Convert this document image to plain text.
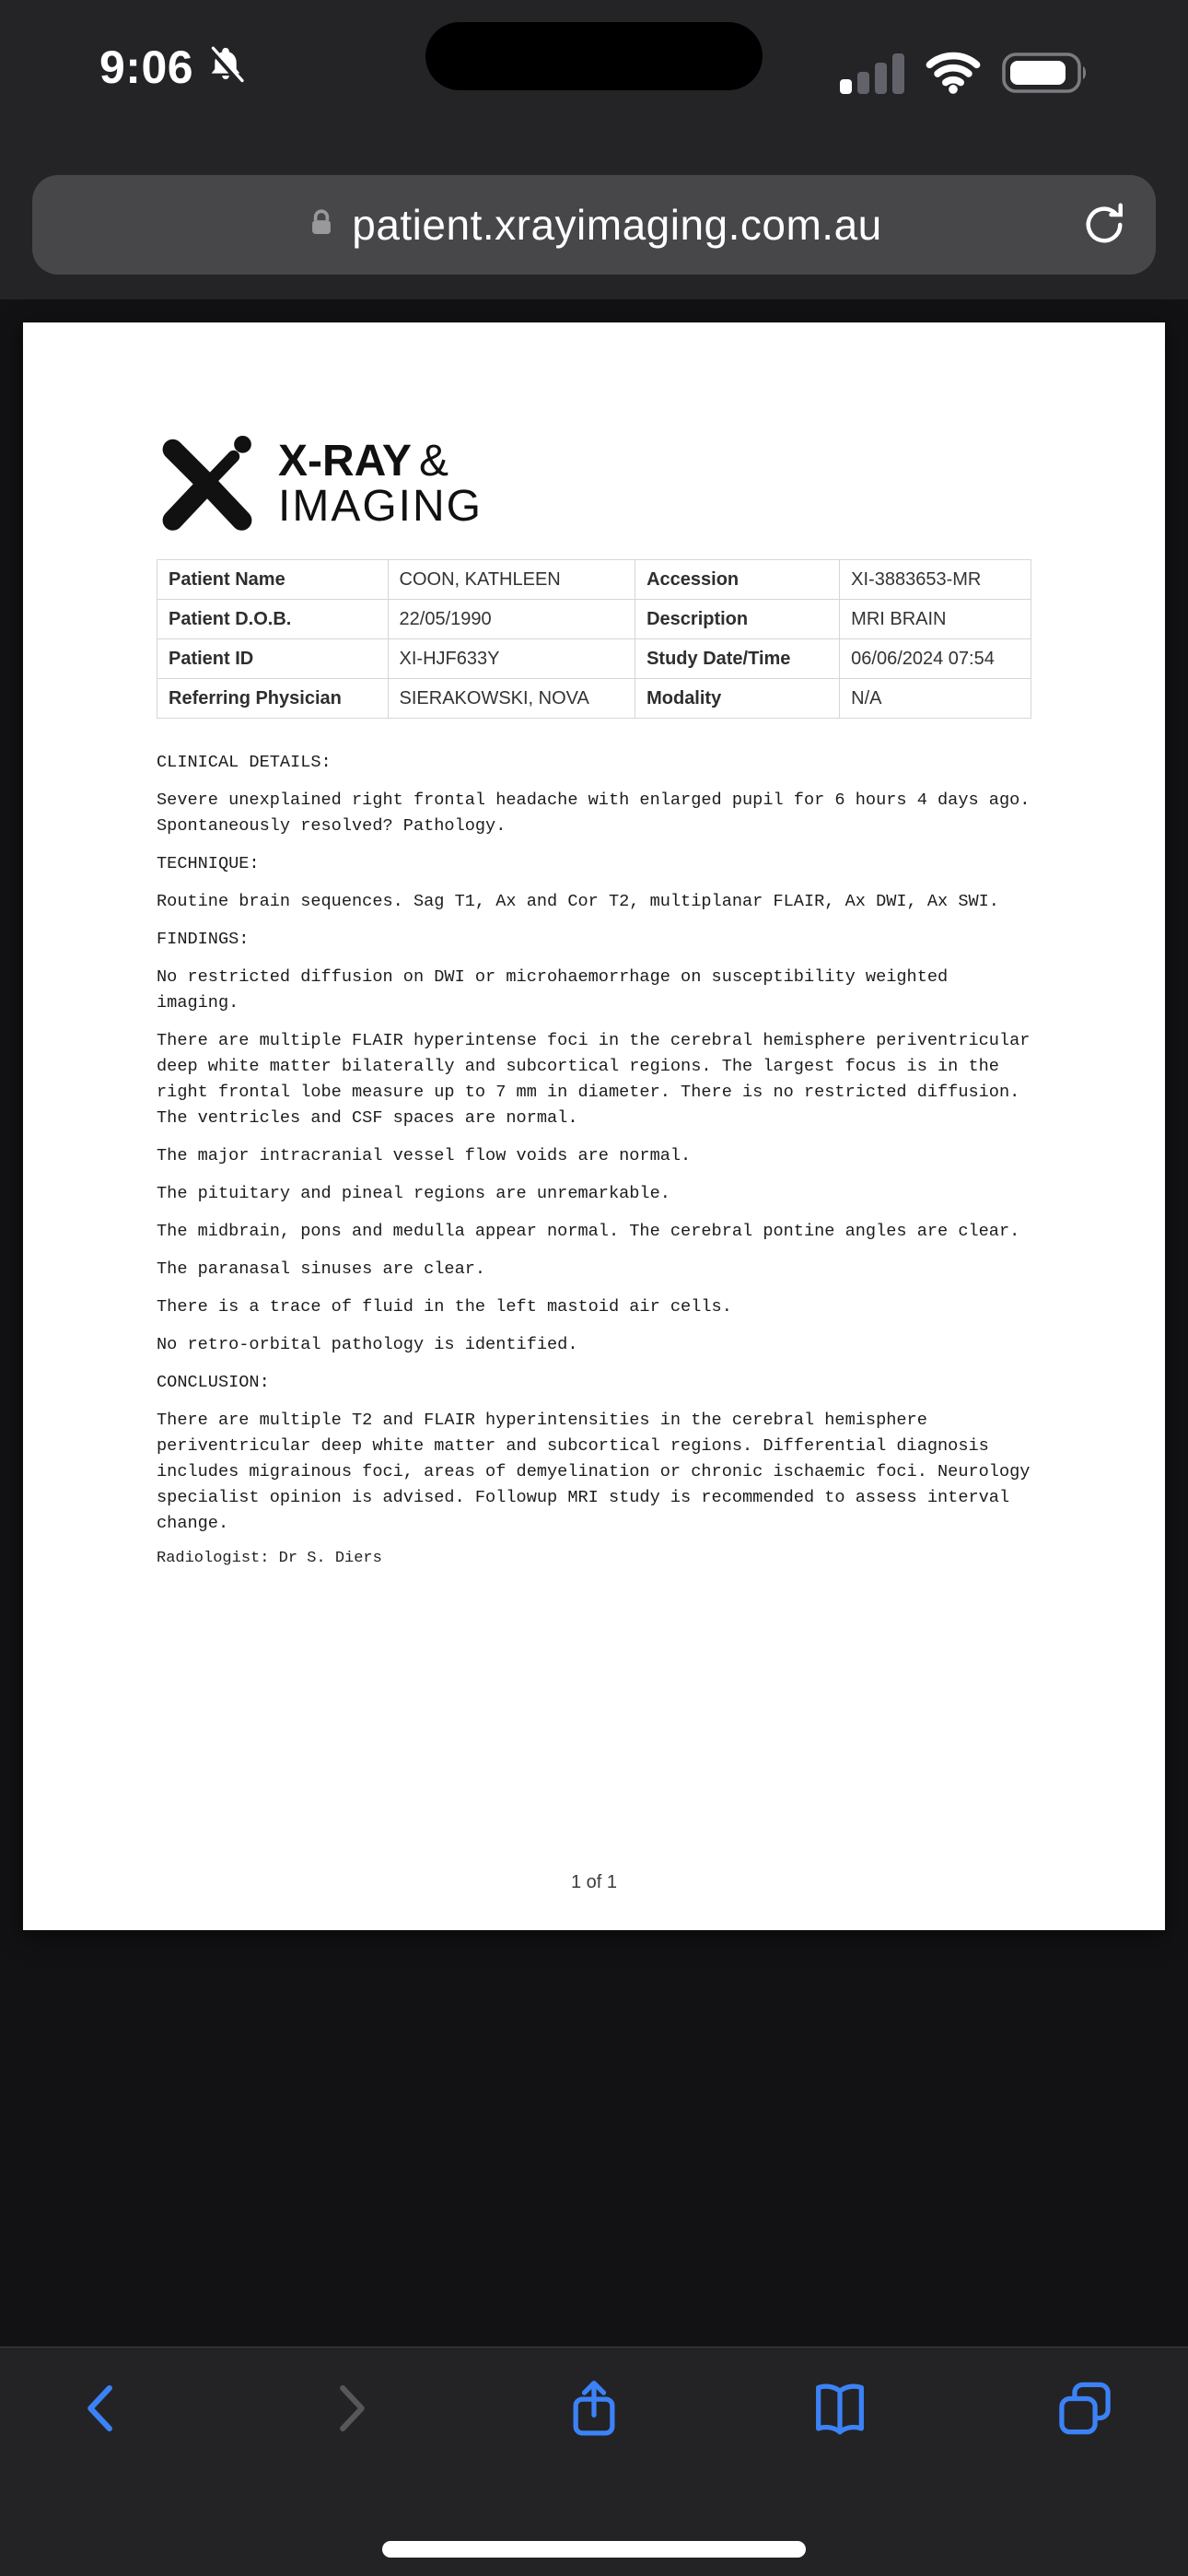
9:06
patient.xrayimaging.com.au
X-RAY &
IMAGING
Patient Name	COON, KATHLEEN	Accession	XI-3883653-MR
Patient D.O.B.	22/05/1990	Description	MRI BRAIN
Patient ID	XI-HJF633Y	Study Date/Time	06/06/2024 07:54
Referring Physician	SIERAKOWSKI, NOVA	Modality	N/A
CLINICAL DETAILS:

Severe unexplained right frontal headache with enlarged pupil for 6 hours 4 days ago. Spontaneously resolved? Pathology.

TECHNIQUE:

Routine brain sequences. Sag T1, Ax and Cor T2, multiplanar FLAIR, Ax DWI, Ax SWI.

FINDINGS:

No restricted diffusion on DWI or microhaemorrhage on susceptibility weighted imaging.

There are multiple FLAIR hyperintense foci in the cerebral hemisphere periventricular deep white matter bilaterally and subcortical regions. The largest focus is in the right frontal lobe measure up to 7 mm in diameter. There is no restricted diffusion. The ventricles and CSF spaces are normal.

The major intracranial vessel flow voids are normal.

The pituitary and pineal regions are unremarkable.

The midbrain, pons and medulla appear normal. The cerebral pontine angles are clear.

The paranasal sinuses are clear.

There is a trace of fluid in the left mastoid air cells.

No retro-orbital pathology is identified.

CONCLUSION:

There are multiple T2 and FLAIR hyperintensities in the cerebral hemisphere periventricular deep white matter and subcortical regions. Differential diagnosis includes migrainous foci, areas of demyelination or chronic ischaemic foci. Neurology specialist opinion is advised. Followup MRI study is recommended to assess interval change.

Radiologist: Dr S. Diers
1 of 1
